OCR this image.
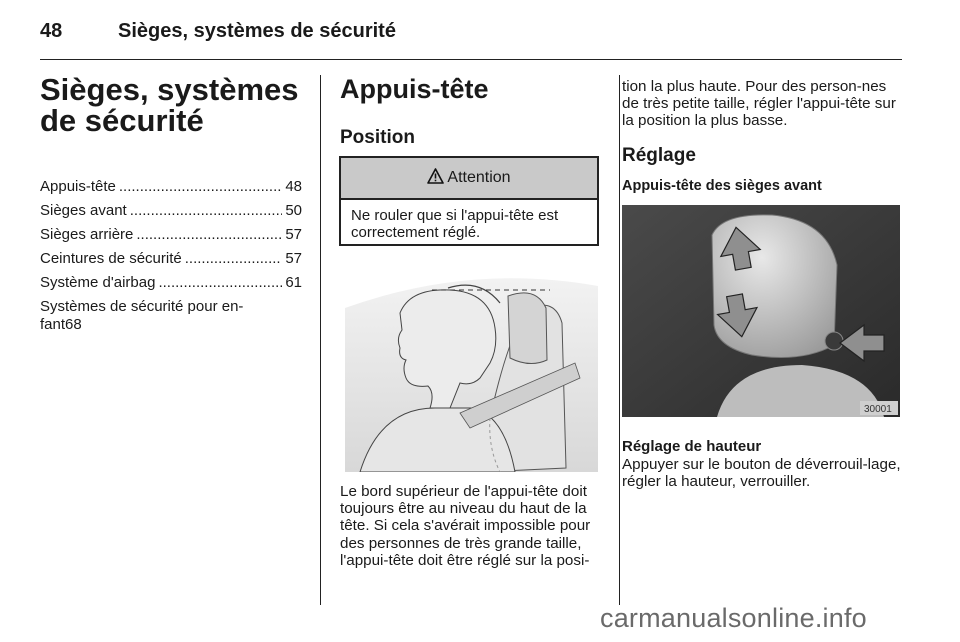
48	Sièges, systèmes de sécurité
Sièges, systèmes de sécurité
Appuis-tête .....	48
Sièges avant .....	50
Sièges arrière .....	57
Ceintures de sécurité .....	57
Système d'airbag .....	61
Systèmes de sécurité pour en-
fant 68
Appuis-tête
Position
Attention
Ne rouler que si l'appui-tête est correctement réglé.

Le bord supérieur de l'appui-tête doit toujours être au niveau du haut de la tête. Si cela s'avérait impossible pour des personnes de très grande taille, l'appui-tête doit être réglé sur la posi-

tion la plus haute. Pour des person-nes de très petite taille, régler l'appui-tête sur la position la plus basse.

Réglage
Appuis-tête des sièges avant
30001
Réglage de hauteur

Appuyer sur le bouton de déverrouil-lage, régler la hauteur, verrouiller.

carmanualsonline.info
